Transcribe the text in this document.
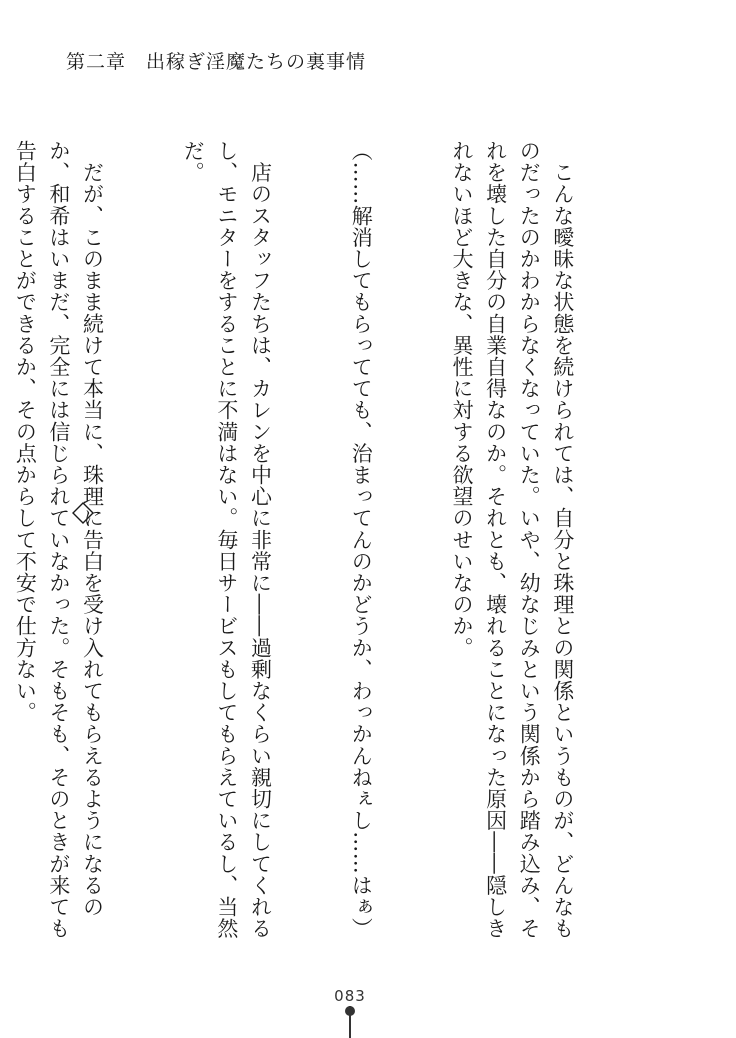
第二章　出稼ぎ淫魔たちの裏事情

　こんな曖昧な状態を続けられては、自分と珠理との関係というものが、どんなものだったのかわからなくなっていた。いや、幼なじみという関係から踏み込み、それを壊した自分の自業自得なのか。それとも、壊れることになった原因――隠しきれないほど大きな、異性に対する欲望のせいなのか。

（……解消してもらってても、治まってんのかどうか、わっかんねぇし……はぁ）

　店のスタッフたちは、カレンを中心に非常に――過剰なくらい親切にしてくれるし、モニターをすることに不満はない。毎日サービスもしてもらえているし、当然だ。

　だが、このまま続けて本当に、珠理に告白を受け入れてもらえるようになるのか、和希はいまだ、完全には信じられていなかった。そもそも、そのときが来ても告白することができるか、その点からして不安で仕方ない。

083
